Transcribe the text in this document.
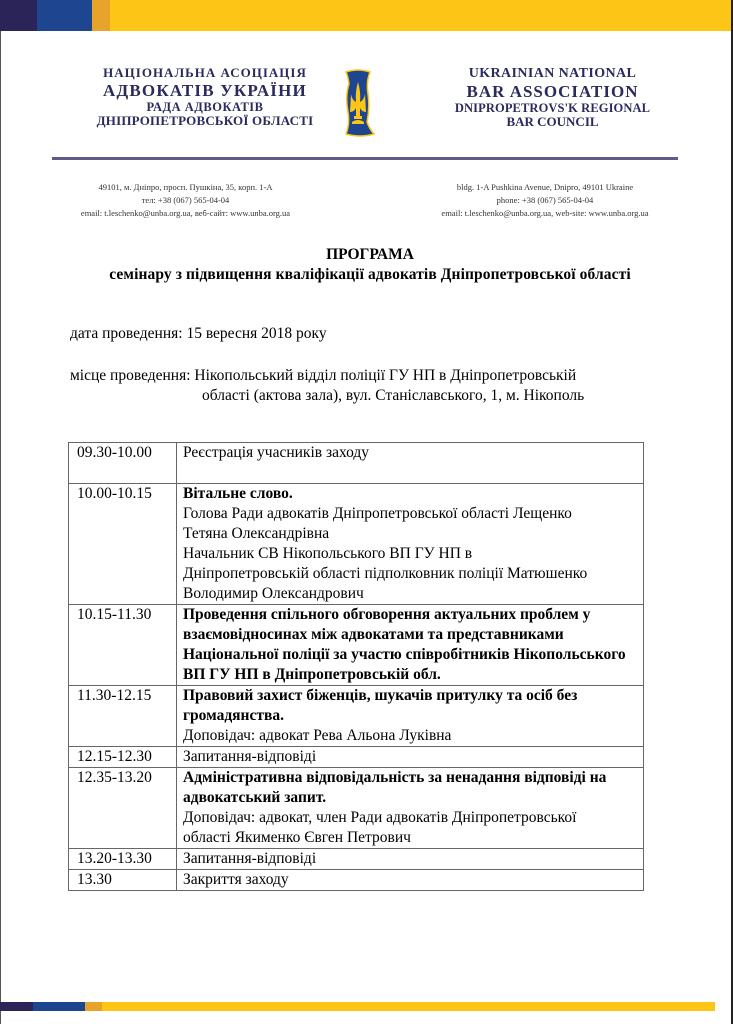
НАЦІОНАЛЬНА АСОЦІАЦІЯ
АДВОКАТІВ УКРАЇНИ
РАДА АДВОКАТІВ
ДНІПРОПЕТРОВСЬКОЇ ОБЛАСТІ
UKRAINIAN NATIONAL
BAR ASSOCIATION
DNIPROPETROVS'K REGIONAL
BAR COUNCIL
49101, м. Дніпро, просп. Пушкіна, 35, корп. 1-А
тел: +38 (067) 565-04-04
email: t.leschenko@unba.org.ua, веб-сайт: www.unba.org.ua
bldg. 1-A Pushkina Avenue, Dnipro, 49101 Ukraine
phone: +38 (067) 565-04-04
email: t.leschenko@unba.org.ua, web-site: www.unba.org.ua
ПРОГРАМА
семінару з підвищення кваліфікації адвокатів Дніпропетровської області
дата проведення: 15 вересня 2018 року
місце проведення: Нікопольський відділ поліції ГУ НП в Дніпропетровській
області (актова зала), вул. Станіславського, 1, м. Нікополь
09.30-10.00	Реєстрація учасників заходу

10.00-10.15	Вітальне слово.
Голова Ради адвокатів Дніпропетровської області Лещенко
Тетяна Олександрівна
Начальник СВ Нікопольського ВП ГУ НП в
Дніпропетровській області підполковник поліції Матюшенко
Володимир Олександрович

10.15-11.30	Проведення спільного обговорення актуальних проблем у взаємовідносинах між адвокатами та представниками Національної поліції за участю співробітників Нікопольського ВП ГУ НП в Дніпропетровській обл.

11.30-12.15	Правовий захист біженців, шукачів притулку та осіб без громадянства.
Доповідач: адвокат Рева Альона Луківна

12.15-12.30	Запитання-відповіді

12.35-13.20	Адміністративна відповідальність за ненадання відповіді на адвокатський запит.
Доповідач: адвокат, член Ради адвокатів Дніпропетровської
області Якименко Євген Петрович

13.20-13.30	Запитання-відповіді

13.30	Закриття заходу
